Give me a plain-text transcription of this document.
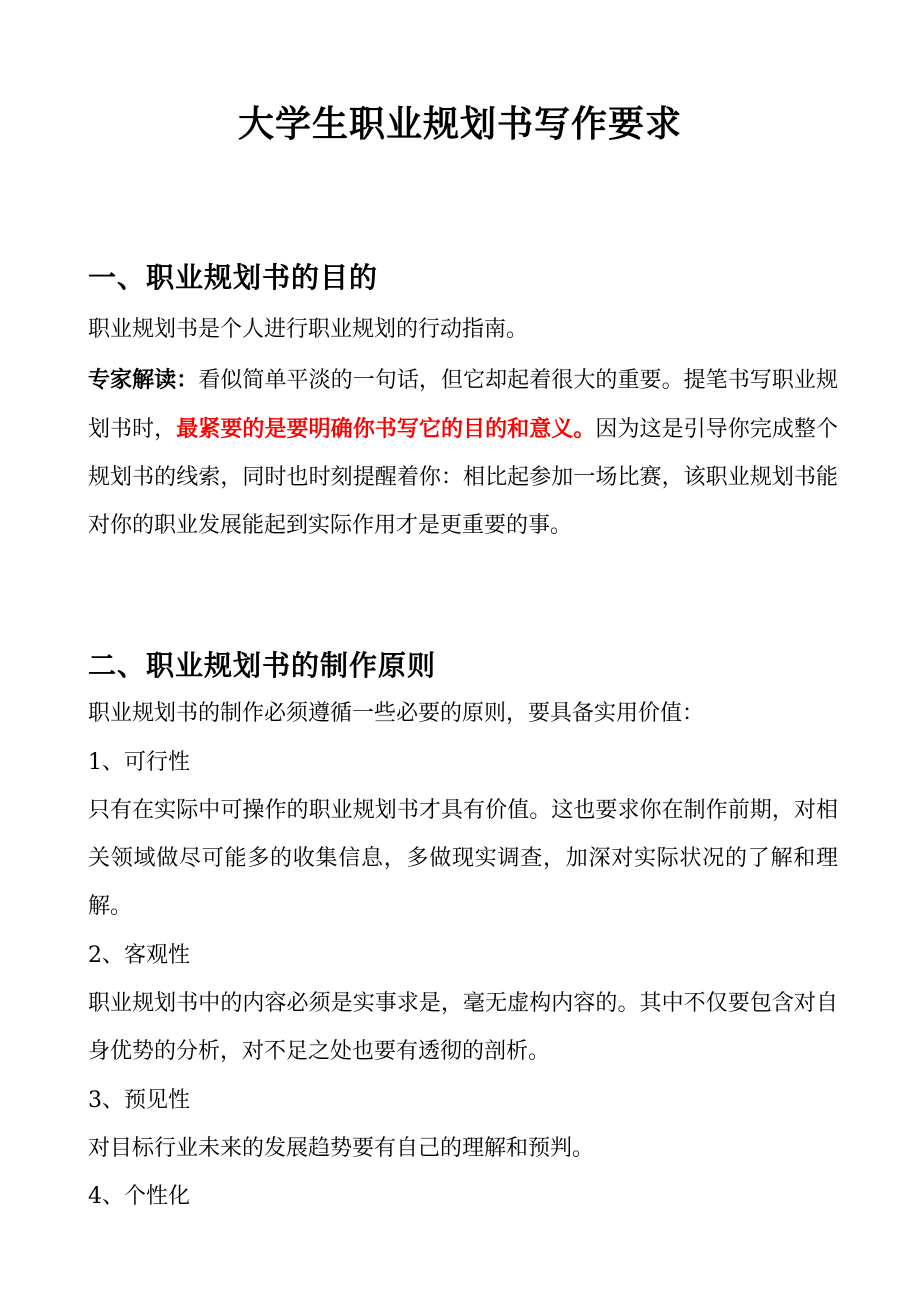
大学生职业规划书写作要求
一、职业规划书的目的
职业规划书是个人进行职业规划的行动指南。
专家解读：看似简单平淡的一句话，但它却起着很大的重要。提笔书写职业规划书时，最紧要的是要明确你书写它的目的和意义。因为这是引导你完成整个规划书的线索，同时也时刻提醒着你：相比起参加一场比赛，该职业规划书能对你的职业发展能起到实际作用才是更重要的事。
二、职业规划书的制作原则
职业规划书的制作必须遵循一些必要的原则，要具备实用价值：
1、可行性
只有在实际中可操作的职业规划书才具有价值。这也要求你在制作前期，对相关领域做尽可能多的收集信息，多做现实调查，加深对实际状况的了解和理解。
2、客观性
职业规划书中的内容必须是实事求是，毫无虚构内容的。其中不仅要包含对自身优势的分析，对不足之处也要有透彻的剖析。
3、预见性
对目标行业未来的发展趋势要有自己的理解和预判。
4、个性化
